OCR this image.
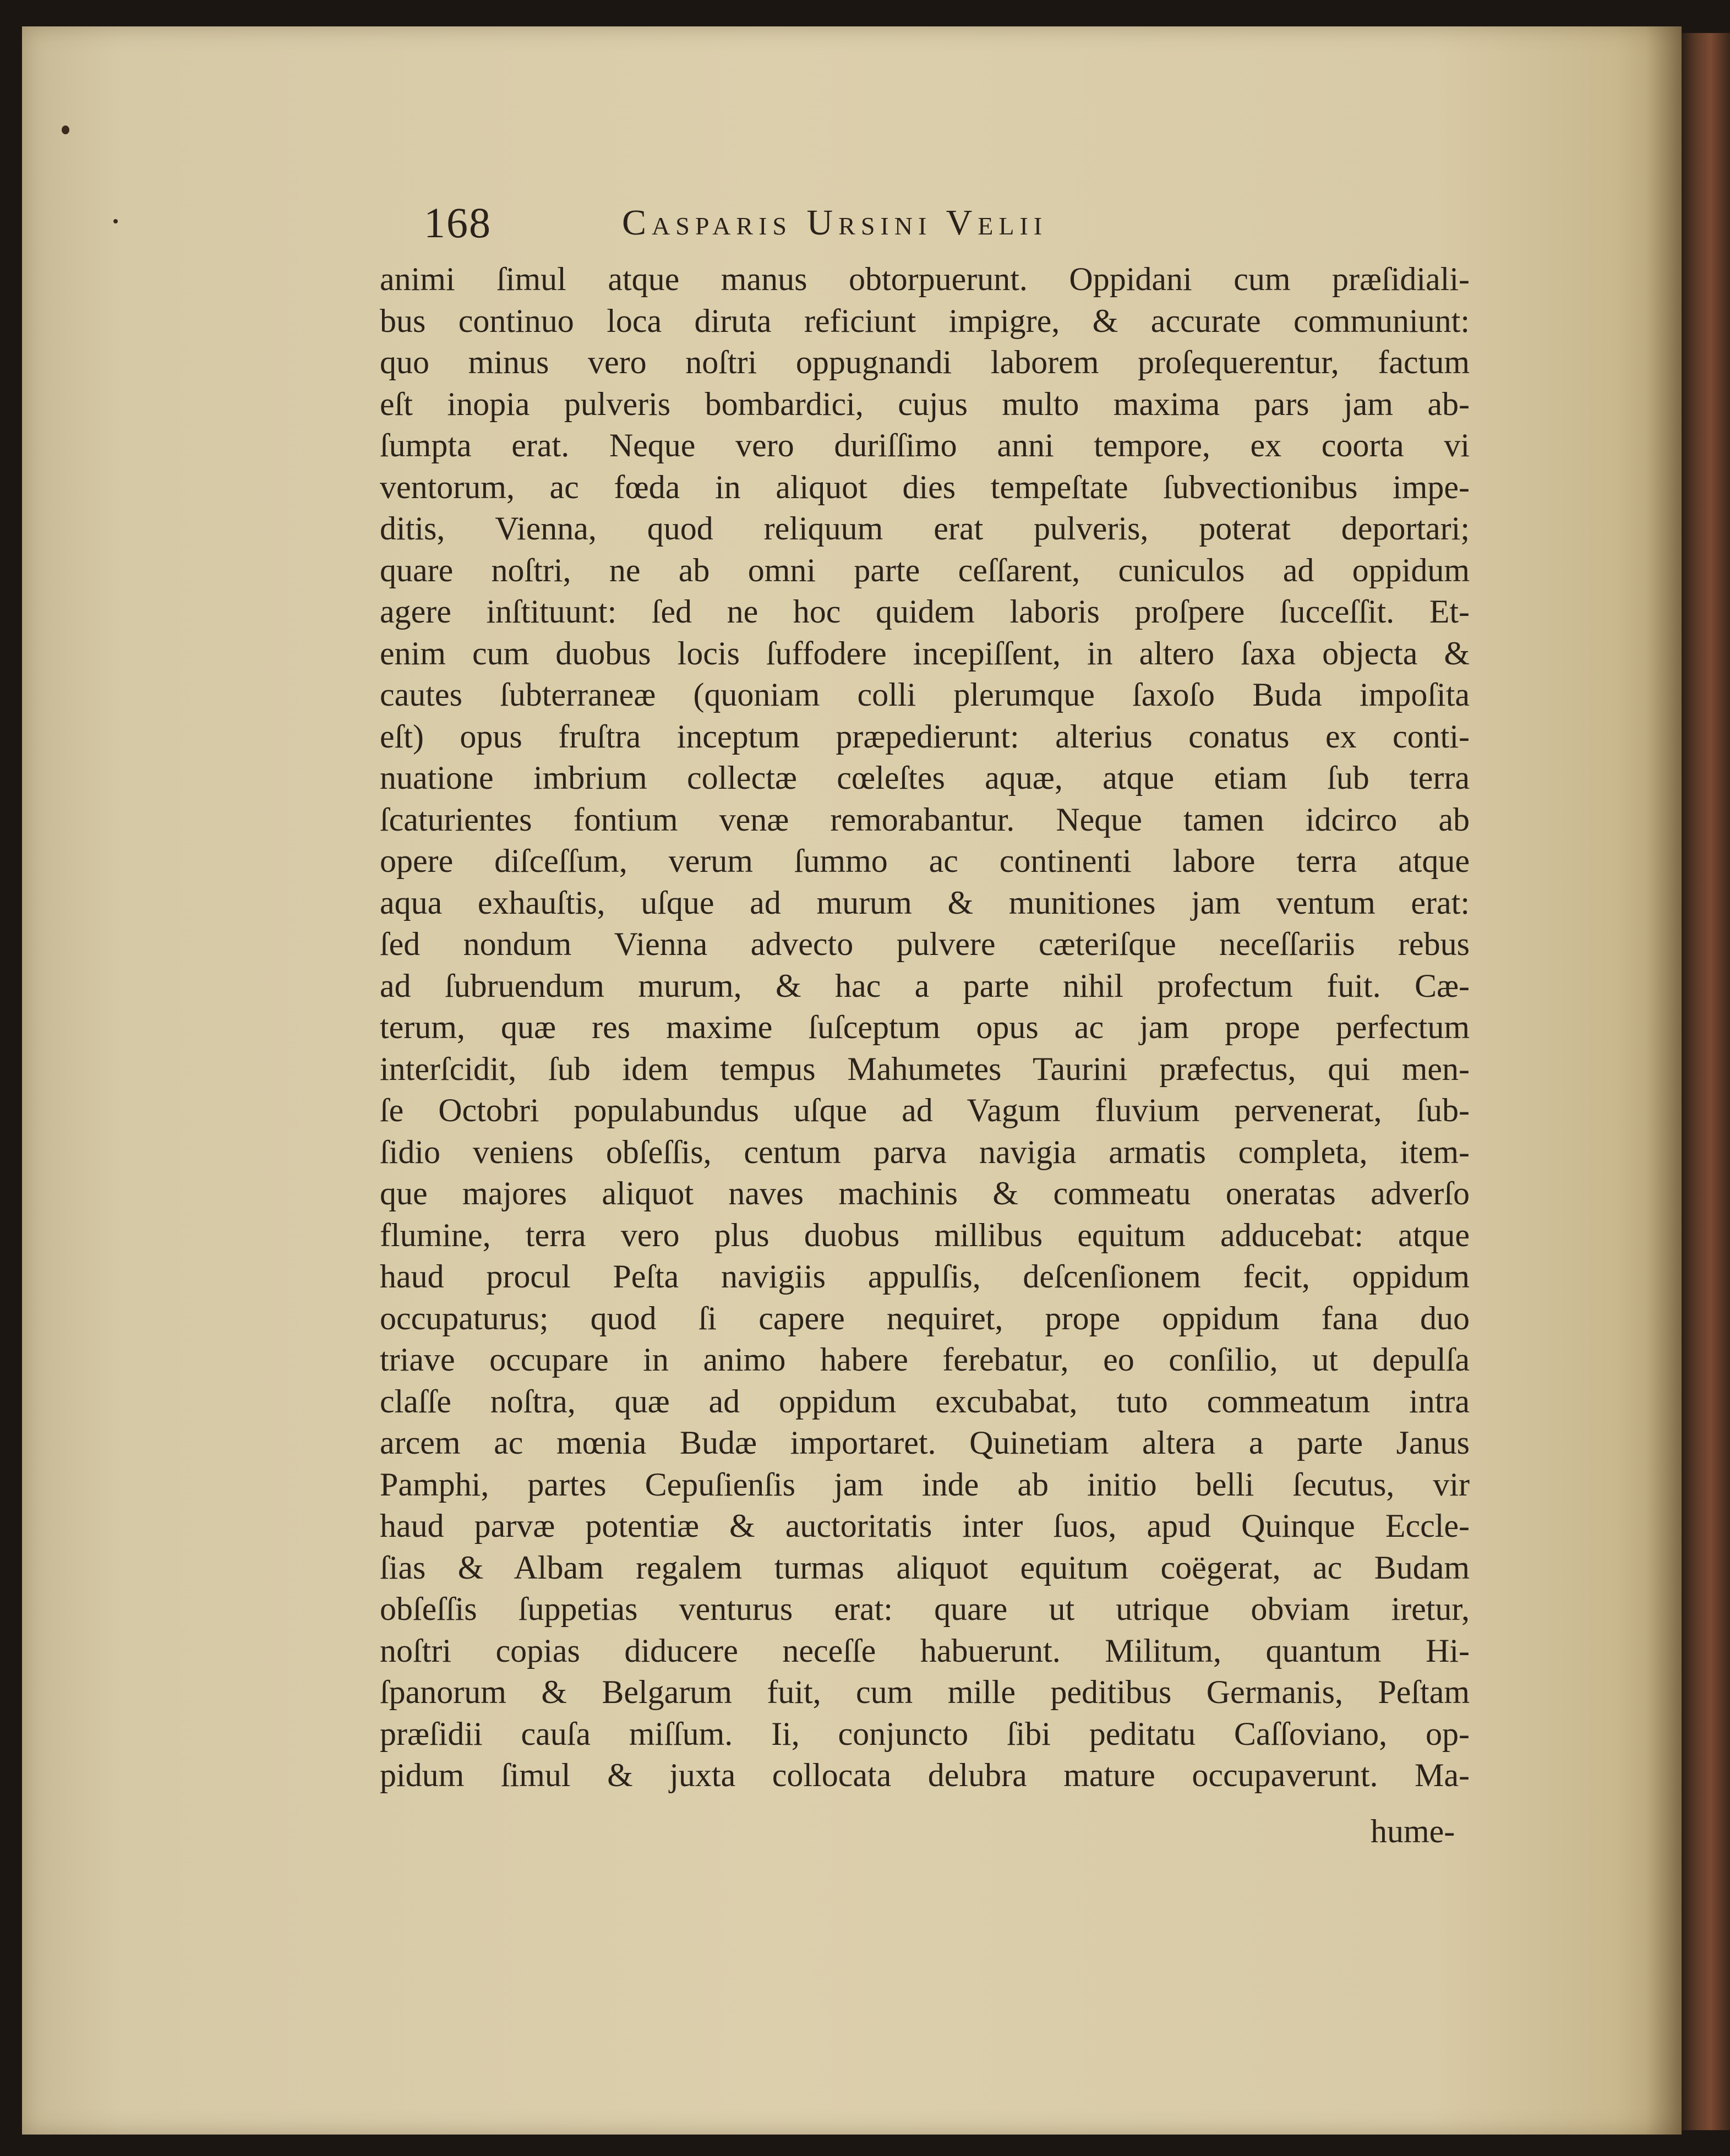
168	Casparis Ursini Velii
animi ſimul atque manus obtorpuerunt. Oppidani cum præſidiali-
bus continuo loca diruta reficiunt impigre, & accurate communiunt:
quo minus vero noſtri oppugnandi laborem proſequerentur, factum
eſt inopia pulveris bombardici, cujus multo maxima pars jam ab-
ſumpta erat. Neque vero duriſſimo anni tempore, ex coorta vi
ventorum, ac fœda in aliquot dies tempeſtate ſubvectionibus impe-
ditis, Vienna, quod reliquum erat pulveris, poterat deportari;
quare noſtri, ne ab omni parte ceſſarent, cuniculos ad oppidum
agere inſtituunt: ſed ne hoc quidem laboris proſpere ſucceſſit. Et-
enim cum duobus locis ſuffodere incepiſſent, in altero ſaxa objecta &
cautes ſubterraneæ (quoniam colli plerumque ſaxoſo Buda impoſita
eſt) opus fruſtra inceptum præpedierunt: alterius conatus ex conti-
nuatione imbrium collectæ cœleſtes aquæ, atque etiam ſub terra
ſcaturientes fontium venæ remorabantur. Neque tamen idcirco ab
opere diſceſſum, verum ſummo ac continenti labore terra atque
aqua exhauſtis, uſque ad murum & munitiones jam ventum erat:
ſed nondum Vienna advecto pulvere cæteriſque neceſſariis rebus
ad ſubruendum murum, & hac a parte nihil profectum fuit. Cæ-
terum, quæ res maxime ſuſceptum opus ac jam prope perfectum
interſcidit, ſub idem tempus Mahumetes Taurini præfectus, qui men-
ſe Octobri populabundus uſque ad Vagum fluvium pervenerat, ſub-
ſidio veniens obſeſſis, centum parva navigia armatis completa, item-
que majores aliquot naves machinis & commeatu oneratas adverſo
flumine, terra vero plus duobus millibus equitum adducebat: atque
haud procul Peſta navigiis appulſis, deſcenſionem fecit, oppidum
occupaturus; quod ſi capere nequiret, prope oppidum fana duo
triave occupare in animo habere ferebatur, eo conſilio, ut depulſa
claſſe noſtra, quæ ad oppidum excubabat, tuto commeatum intra
arcem ac mœnia Budæ importaret. Quinetiam altera a parte Janus
Pamphi, partes Cepuſienſis jam inde ab initio belli ſecutus, vir
haud parvæ potentiæ & auctoritatis inter ſuos, apud Quinque Eccle-
ſias & Albam regalem turmas aliquot equitum coëgerat, ac Budam
obſeſſis ſuppetias venturus erat: quare ut utrique obviam iretur,
noſtri copias diducere neceſſe habuerunt. Militum, quantum Hi-
ſpanorum & Belgarum fuit, cum mille peditibus Germanis, Peſtam
præſidii cauſa miſſum. Ii, conjuncto ſibi peditatu Caſſoviano, op-
pidum ſimul & juxta collocata delubra mature occupaverunt. Ma-
hume-
